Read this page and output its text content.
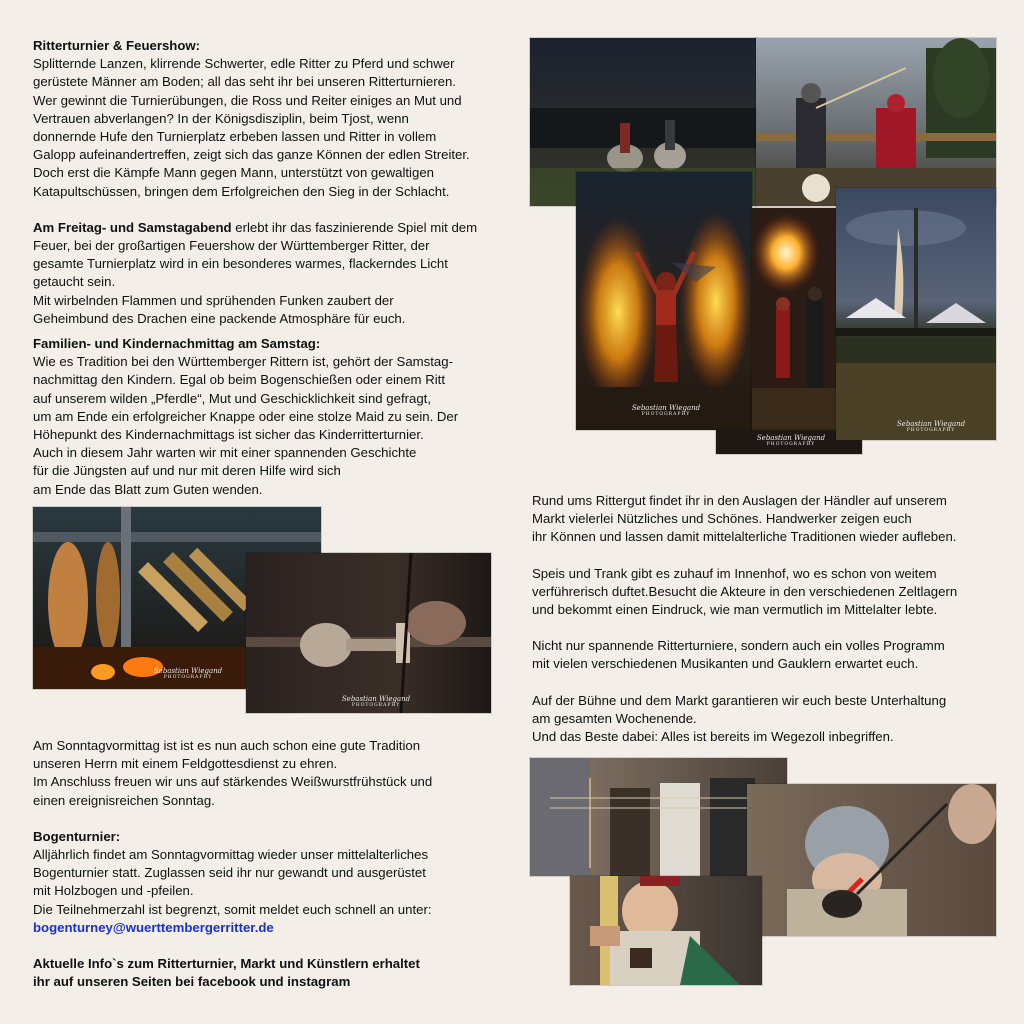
Ritterturnier & Feuershow:

Splitternde Lanzen, klirrende Schwerter, edle Ritter zu Pferd und schwer
gerüstete Männer am Boden; all das seht ihr bei unseren Ritterturnieren.
Wer gewinnt die Turnierübungen, die Ross und Reiter einiges an Mut und
Vertrauen abverlangen? In der Königsdisziplin, beim Tjost, wenn
donnernde Hufe den Turnierplatz erbeben lassen und Ritter in vollem
Galopp aufeinandertreffen, zeigt sich das ganze Können der edlen Streiter.
Doch erst die Kämpfe Mann gegen Mann, unterstützt von gewaltigen
Katapultschüssen, bringen dem Erfolgreichen den Sieg in der Schlacht.
Am Freitag- und Samstagabend erlebt ihr das faszinierende Spiel mit dem
Feuer, bei der großartigen Feuershow der Württemberger Ritter, der
gesamte Turnierplatz wird in ein besonderes warmes, flackerndes Licht
getaucht sein.
Mit wirbelnden Flammen und sprühenden Funken zaubert der
Geheimbund des Drachen eine packende Atmosphäre für euch.

Familien- und Kindernachmittag am Samstag:

Wie es Tradition bei den Württemberger Rittern ist, gehört der Samstag-
nachmittag den Kindern. Egal ob beim Bogenschießen oder einem Ritt
auf unserem wilden „Pferdle“, Mut und Geschicklichkeit sind gefragt,
um am Ende ein erfolgreicher Knappe oder eine stolze Maid zu sein. Der
Höhepunkt des Kindernachmittags ist sicher das Kinderritterturnier.
Auch in diesem Jahr warten wir mit einer spannenden Geschichte
für die Jüngsten auf und nur mit deren Hilfe wird sich
am Ende das Blatt zum Guten wenden.
Am Sonntagvormittag ist ist es nun auch schon eine gute Tradition
unseren Herrn mit einem Feldgottesdienst zu ehren.
Im Anschluss freuen wir uns auf stärkendes Weißwurstfrühstück und
einen ereignisreichen Sonntag.

Bogenturnier:

Alljährlich findet am Sonntagvormittag wieder unser mittelalterliches
Bogenturnier statt. Zuglassen seid ihr nur gewandt und ausgerüstet
mit Holzbogen und -pfeilen.
Die Teilnehmerzahl ist begrenzt, somit meldet euch schnell an unter:
bogenturney@wuerttembergerritter.de
Aktuelle Info`s zum Ritterturnier, Markt und Künstlern erhaltet
ihr auf unseren Seiten bei facebook und instagram
Rund ums Rittergut findet ihr in den Auslagen der Händler auf unserem
Markt vielerlei Nützliches und Schönes. Handwerker zeigen euch
ihr Können und lassen damit mittelalterliche Traditionen wieder aufleben.
Speis und Trank gibt es zuhauf im Innenhof, wo es schon von weitem
verführerisch duftet.Besucht die Akteure in den verschiedenen Zeltlagern
und bekommt einen Eindruck, wie man vermutlich im Mittelalter lebte.
Nicht nur spannende Ritterturniere, sondern auch ein volles Programm
mit vielen verschiedenen Musikanten und Gauklern erwartet euch.
Auf der Bühne und dem Markt garantieren wir euch beste Unterhaltung
am gesamten Wochenende.
Und das Beste dabei: Alles ist bereits im Wegezoll inbegriffen.
Sebastian Wiegand
PHOTOGRAPHY
Sebastian Wiegand
PHOTOGRAPHY
Sebastian Wiegand
PHOTOGRAPHY
Sebastian Wiegand
PHOTOGRAPHY
Sebastian Wiegand
PHOTOGRAPHY
